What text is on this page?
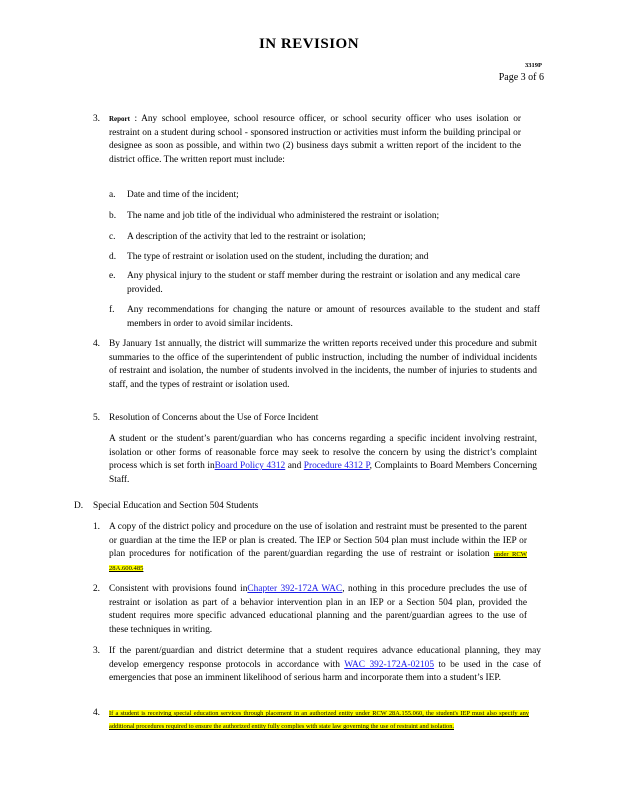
IN REVISION
3319P
Page 3 of 6
3. Report : Any school employee, school resource officer, or school security officer who uses isolation or restraint on a student during school - sponsored instruction or activities must inform the building principal or designee as soon as possible, and within two (2) business days submit a written report of the incident to the district office. The written report must include:
a. Date and time of the incident;
b. The name and job title of the individual who administered the restraint or isolation;
c. A description of the activity that led to the restraint or isolation;
d. The type of restraint or isolation used on the student, including the duration; and
e. Any physical injury to the student or staff member during the restraint or isolation and any medical care provided.
f. Any recommendations for changing the nature or amount of resources available to the student and staff members in order to avoid similar incidents.
4. By January 1st annually, the district will summarize the written reports received under this procedure and submit summaries to the office of the superintendent of public instruction, including the number of individual incidents of restraint and isolation, the number of students involved in the incidents, the number of injuries to students and staff, and the types of restraint or isolation used.
5. Resolution of Concerns about the Use of Force Incident
A student or the student’s parent/guardian who has concerns regarding a specific incident involving restraint, isolation or other forms of reasonable force may seek to resolve the concern by using the district’s complaint process which is set forth inBoard Policy 4312 and Procedure 4312 P, Complaints to Board Members Concerning Staff.
D. Special Education and Section 504 Students
1. A copy of the district policy and procedure on the use of isolation and restraint must be presented to the parent or guardian at the time the IEP or plan is created. The IEP or Section 504 plan must include within the IEP or plan procedures for notification of the parent/guardian regarding the use of restraint or isolation under RCW 28A.600.485
2. Consistent with provisions found inChapter 392-172A WAC, nothing in this procedure precludes the use of restraint or isolation as part of a behavior intervention plan in an IEP or a Section 504 plan, provided the student requires more specific advanced educational planning and the parent/guardian agrees to the use of these techniques in writing.
3. If the parent/guardian and district determine that a student requires advance educational planning, they may develop emergency response protocols in accordance with WAC 392-172A-02105 to be used in the case of emergencies that pose an imminent likelihood of serious harm and incorporate them into a student’s IEP.
4. If a student is receiving special education services through placement in an authorized entity under RCW 28A.155.060, the student's IEP must also specify any additional procedures required to ensure the authorized entity fully complies with state law governing the use of restraint and isolation.
